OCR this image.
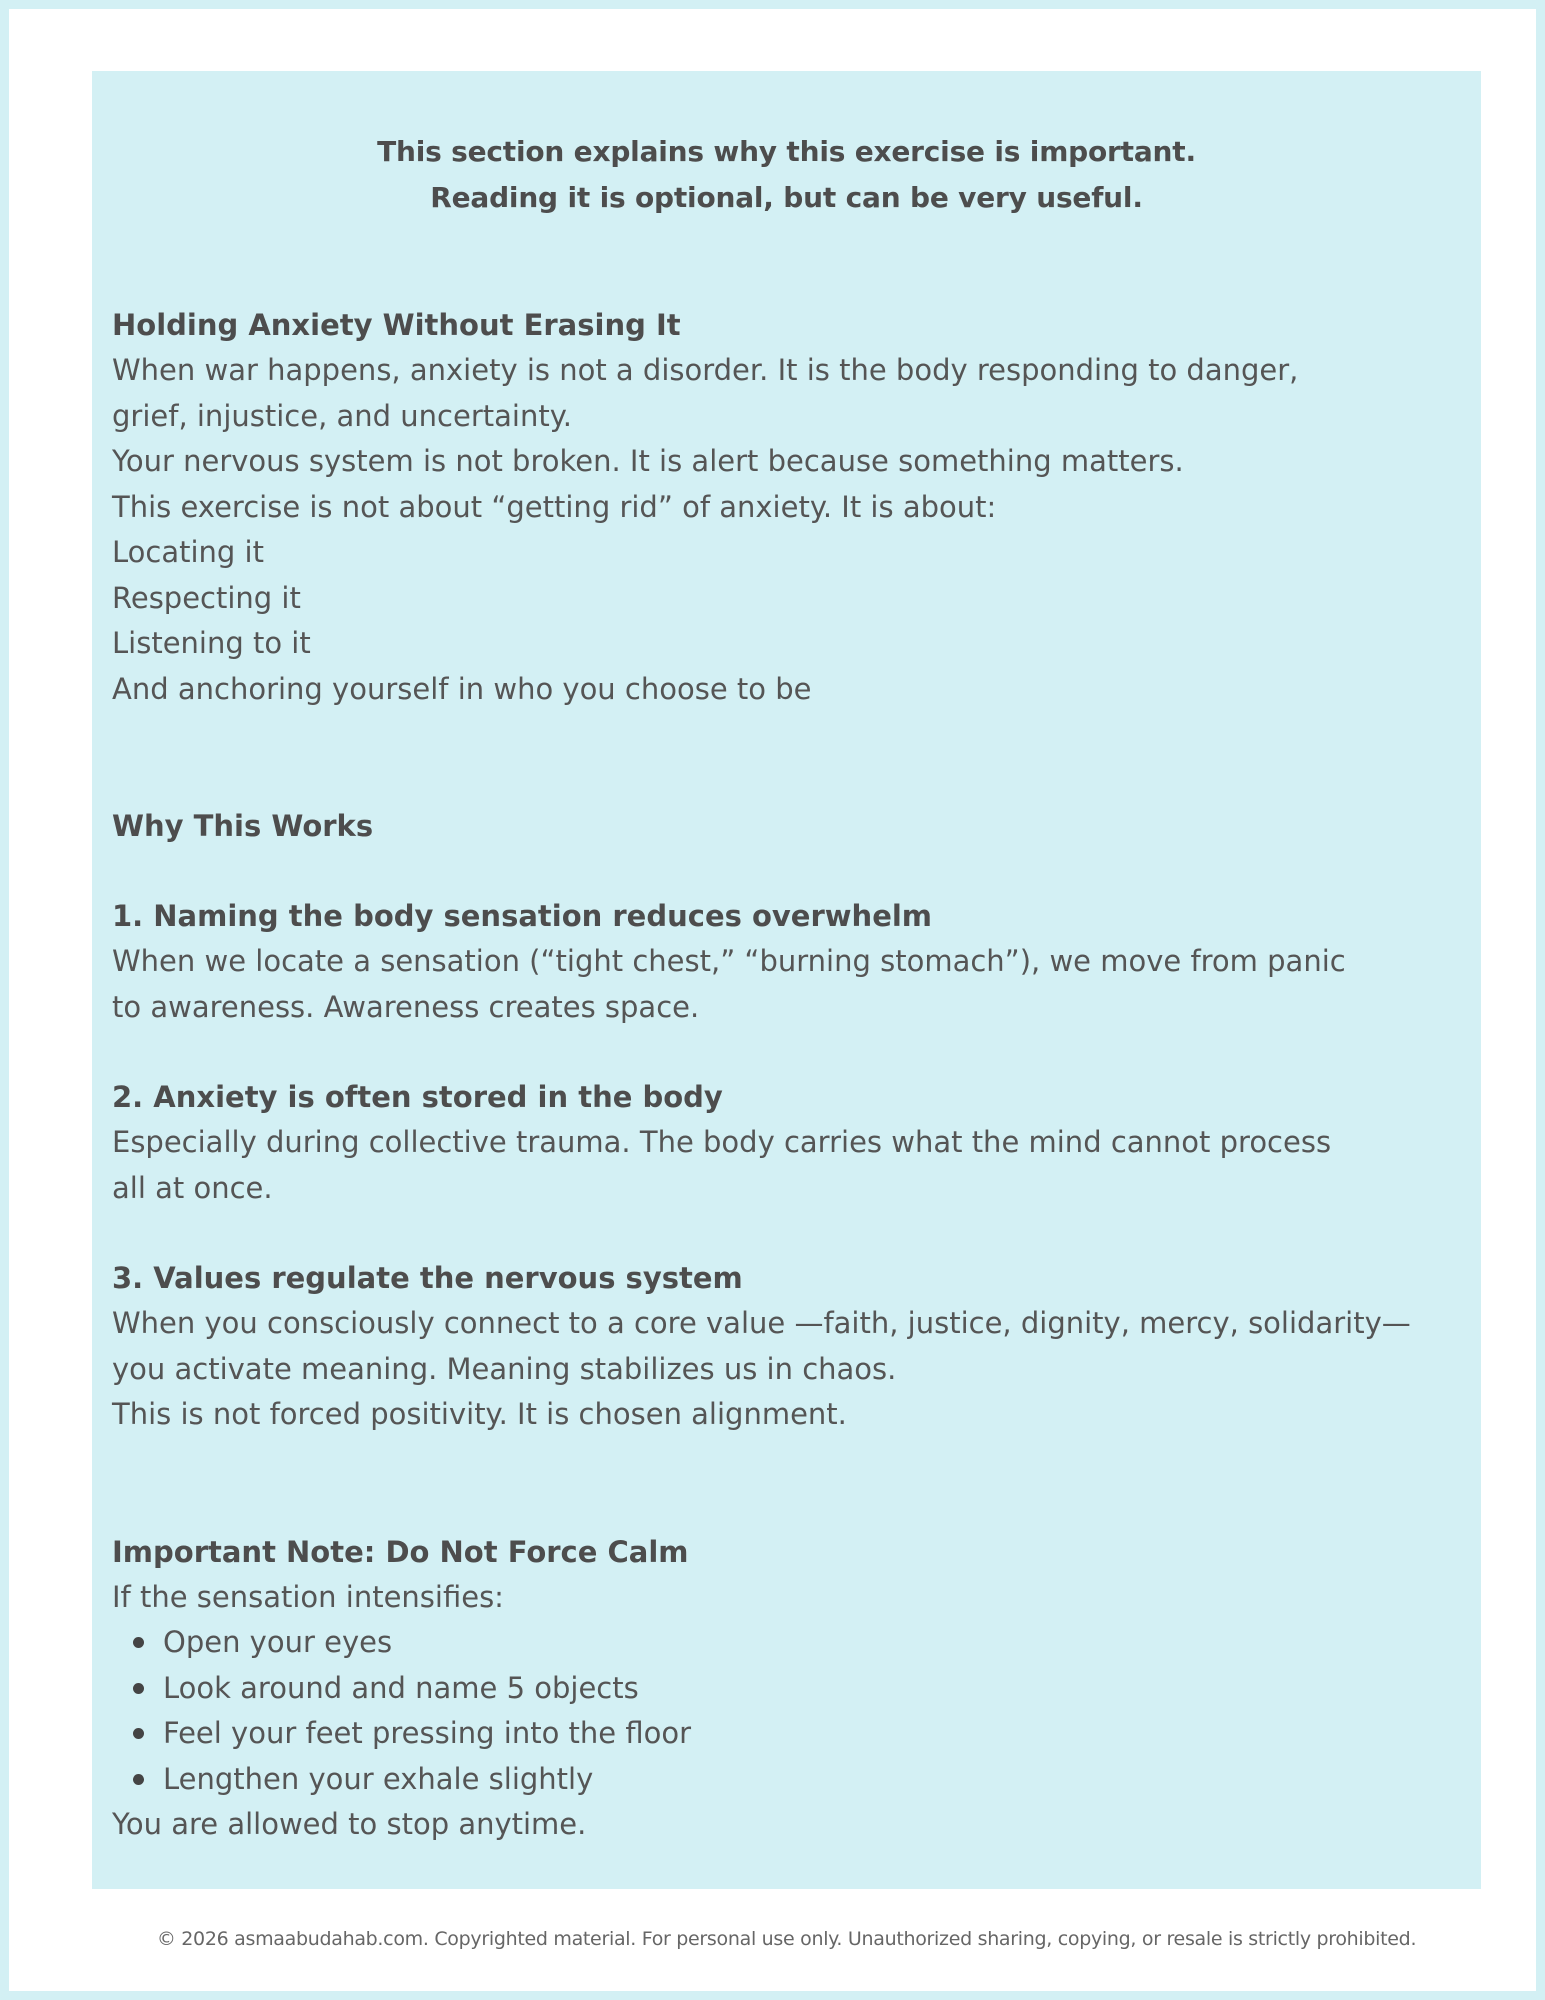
This section explains why this exercise is important.
Reading it is optional, but can be very useful.
Holding Anxiety Without Erasing It
When war happens, anxiety is not a disorder. It is the body responding to danger,
grief, injustice, and uncertainty.
Your nervous system is not broken. It is alert because something matters.
This exercise is not about “getting rid” of anxiety. It is about:
Locating it
Respecting it
Listening to it
And anchoring yourself in who you choose to be
Why This Works
1. Naming the body sensation reduces overwhelm
When we locate a sensation (“tight chest,” “burning stomach”), we move from panic
to awareness. Awareness creates space.
2. Anxiety is often stored in the body
Especially during collective trauma. The body carries what the mind cannot process
all at once.
3. Values regulate the nervous system
When you consciously connect to a core value —faith, justice, dignity, mercy, solidarity—
you activate meaning. Meaning stabilizes us in chaos.
This is not forced positivity. It is chosen alignment.
Important Note: Do Not Force Calm
If the sensation intensifies:
Open your eyes
Look around and name 5 objects
Feel your feet pressing into the floor
Lengthen your exhale slightly
You are allowed to stop anytime.
© 2026 asmaabudahab.com. Copyrighted material. For personal use only. Unauthorized sharing, copying, or resale is strictly prohibited.
